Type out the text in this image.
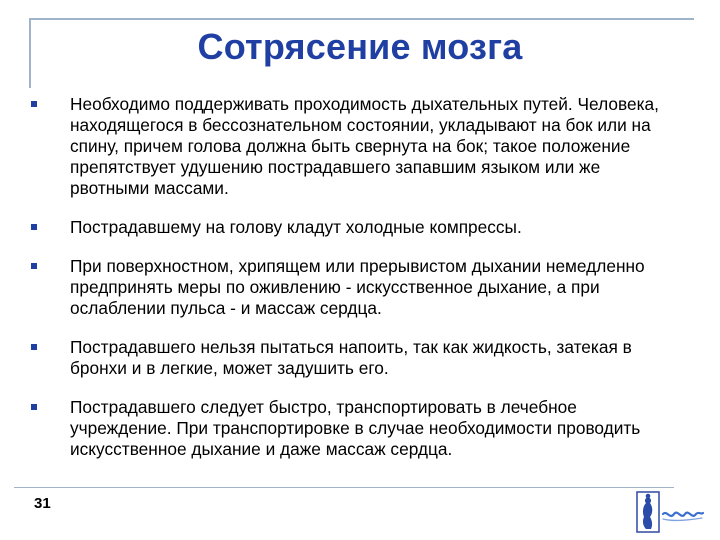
Сотрясение мозга
Необходимо поддерживать проходимость дыхательных путей. Человека, находящегося в бессознательном состоянии, укладывают на бок или на спину, причем голова должна быть свернута на бок; такое положение препятствует удушению пострадавшего запавшим языком или же рвотными массами.
Пострадавшему на голову кладут холодные компрессы.
При поверхностном, хрипящем или прерывистом дыхании немедленно предпринять меры по оживлению - искусственное дыхание, а при ослаблении пульса - и массаж сердца.
Пострадавшего нельзя пытаться напоить, так как жидкость, затекая в бронхи и в легкие, может задушить его.
Пострадавшего следует быстро, транспортировать в лечебное учреждение. При транспортировке в случае необходимости проводить искусственное дыхание и даже массаж сердца.
31
